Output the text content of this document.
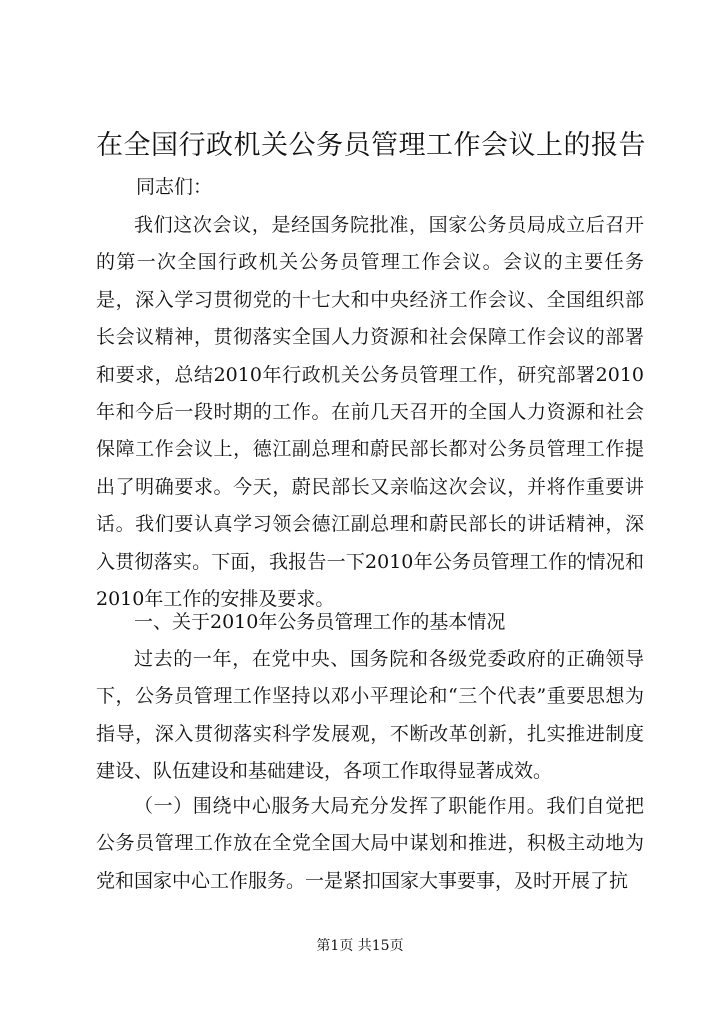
在全国行政机关公务员管理工作会议上的报告
同志们：

我们这次会议，是经国务院批准，国家公务员局成立后召开的第一次全国行政机关公务员管理工作会议。会议的主要任务是，深入学习贯彻党的十七大和中央经济工作会议、全国组织部长会议精神，贯彻落实全国人力资源和社会保障工作会议的部署和要求，总结2010年行政机关公务员管理工作，研究部署2010年和今后一段时期的工作。在前几天召开的全国人力资源和社会保障工作会议上，德江副总理和蔚民部长都对公务员管理工作提出了明确要求。今天，蔚民部长又亲临这次会议，并将作重要讲话。我们要认真学习领会德江副总理和蔚民部长的讲话精神，深入贯彻落实。下面，我报告一下2010年公务员管理工作的情况和2010年工作的安排及要求。

一、关于2010年公务员管理工作的基本情况

过去的一年，在党中央、国务院和各级党委政府的正确领导下，公务员管理工作坚持以邓小平理论和“三个代表”重要思想为指导，深入贯彻落实科学发展观，不断改革创新，扎实推进制度建设、队伍建设和基础建设，各项工作取得显著成效。

（一）围绕中心服务大局充分发挥了职能作用。我们自觉把公务员管理工作放在全党全国大局中谋划和推进，积极主动地为党和国家中心工作服务。一是紧扣国家大事要事，及时开展了抗

第1页 共15页
